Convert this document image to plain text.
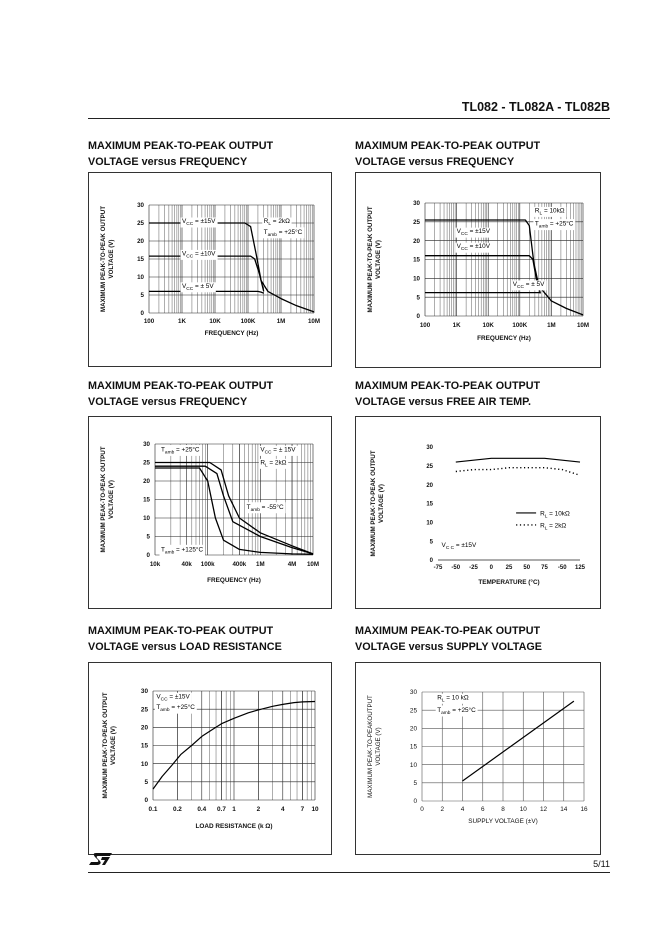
TL082 - TL082A - TL082B
MAXIMUM PEAK-TO-PEAK OUTPUT
VOLTAGE versus FREQUENCY
MAXIMUM PEAK-TO-PEAK OUTPUT
VOLTAGE versus FREQUENCY
MAXIMUM PEAK-TO-PEAK OUTPUT
VOLTAGE versus FREQUENCY
MAXIMUM PEAK-TO-PEAK OUTPUT
VOLTAGE versus FREE AIR TEMP.
MAXIMUM PEAK-TO-PEAK OUTPUT
VOLTAGE versus LOAD RESISTANCE
MAXIMUM PEAK-TO-PEAK OUTPUT
VOLTAGE versus SUPPLY VOLTAGE
0
5
10
15
20
25
30
100	1K	10K	100K	1M	10M
FREQUENCY (Hz)
MAXIMUM PEAK-TO-PEAK OUTPUTVOLTAGE (V)
$V_{CC} = \pm 15V$
$V_{CC} = \pm 10V$
$V_{CC}$ = ± 5V
$R_L = 2k\Omega$
$T_{amb} = +25^\circ C$
0
5
10
15
20
25
30
100	1K	10K	100K	1M	10M
FREQUENCY (Hz)
MAXIMUM PEAK-TO-PEAK OUTPUTVOLTAGE (V)
$R_L = 10k\Omega$
$T_{amb} = +25^\circ C$
$V_{CC} = \pm 15V$
$V_{CC} = \pm 10V$
$V_{CC}$ = ± 5V
0
5
10
15
20
25
30
10k	40k 100k	400k 1M	4M 10M
FREQUENCY (Hz)
MAXIMUM PEAK-TO-PEAK OUTPUTVOLTAGE (V)
$T_{amb} = +25^\circ C$	$V_{CC}$ = ± 15V
$R_L = 2k\Omega$
$T_{amb} = -55^\circ C$
$T_{amb} = +125^\circ C$
0
5
10
15
20
25
30
-75 -50 -25 0 25 50 75 -50 125
TEMPERATURE (°C)
MAXIMUM PEAK-TO-PEAK OUTPUTVOLTAGE (V)
$V_{C C} = \pm 15V$
$R_L = 10k\Omega$
$R_L = 2k\Omega$
0
5
10
15
20
25
30
0.1 0.2 0.4 0.7 1	2	4	7 10
LOAD RESISTANCE (k Ω)
MAXIMUM PEAK-TO-PEAK OUTPUTVOLTAGE (V)
$V_{CC} = \pm 15V$
$T_{amb} = +25^\circ C$
0
5
10
15
20
25
30
0	2	4	6	8 10 12 14 16
SUPPLY VOLTAGE (±V)
MAXIMUM PEAK-TO-PEAKOUTPUTVOLTAGE (V)
$R_L = 10$ kΩ
$T_{amb} = +25^\circ C$
5/11
